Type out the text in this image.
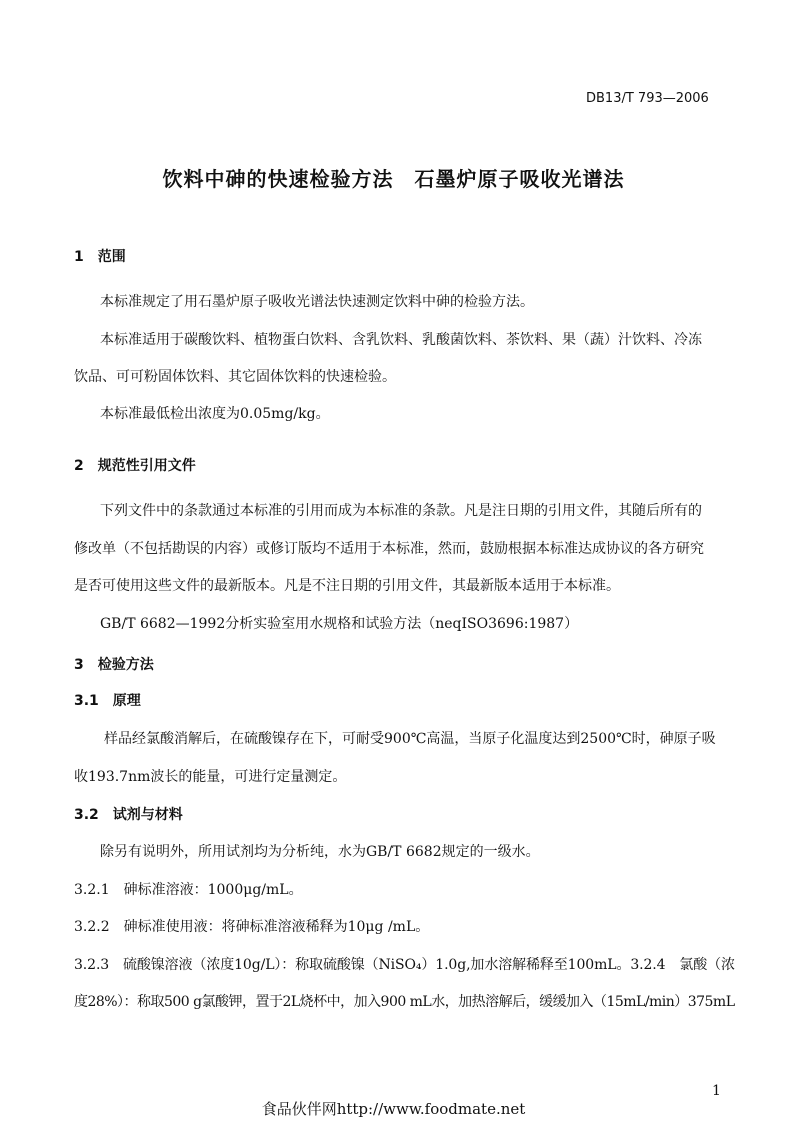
DB13/T 793—2006
饮料中砷的快速检验方法　石墨炉原子吸收光谱法
1　范围
本标准规定了用石墨炉原子吸收光谱法快速测定饮料中砷的检验方法。
本标准适用于碳酸饮料、植物蛋白饮料、含乳饮料、乳酸菌饮料、茶饮料、果（蔬）汁饮料、冷冻
饮品、可可粉固体饮料、其它固体饮料的快速检验。
本标准最低检出浓度为0.05mg/kg。
2　规范性引用文件
下列文件中的条款通过本标准的引用而成为本标准的条款。凡是注日期的引用文件，其随后所有的
修改单（不包括勘误的内容）或修订版均不适用于本标准，然而，鼓励根据本标准达成协议的各方研究
是否可使用这些文件的最新版本。凡是不注日期的引用文件，其最新版本适用于本标准。
GB/T 6682—1992分析实验室用水规格和试验方法（neqISO3696:1987）
3　检验方法
3.1　原理
样品经氯酸消解后，在硫酸镍存在下，可耐受900℃高温，当原子化温度达到2500℃时，砷原子吸
收193.7nm波长的能量，可进行定量测定。
3.2　试剂与材料
除另有说明外，所用试剂均为分析纯，水为GB/T 6682规定的一级水。
3.2.1　砷标准溶液：1000μg/mL。
3.2.2　砷标准使用液：将砷标准溶液稀释为10μg /mL。
3.2.3　硫酸镍溶液（浓度10g/L）：称取硫酸镍（NiSO₄）1.0g,加水溶解稀释至100mL。3.2.4　氯酸（浓
度28%）：称取500 g氯酸钾，置于2L烧杯中，加入900 mL水，加热溶解后，缓缓加入（15mL/min）375mL
1
食品伙伴网http://www.foodmate.net
